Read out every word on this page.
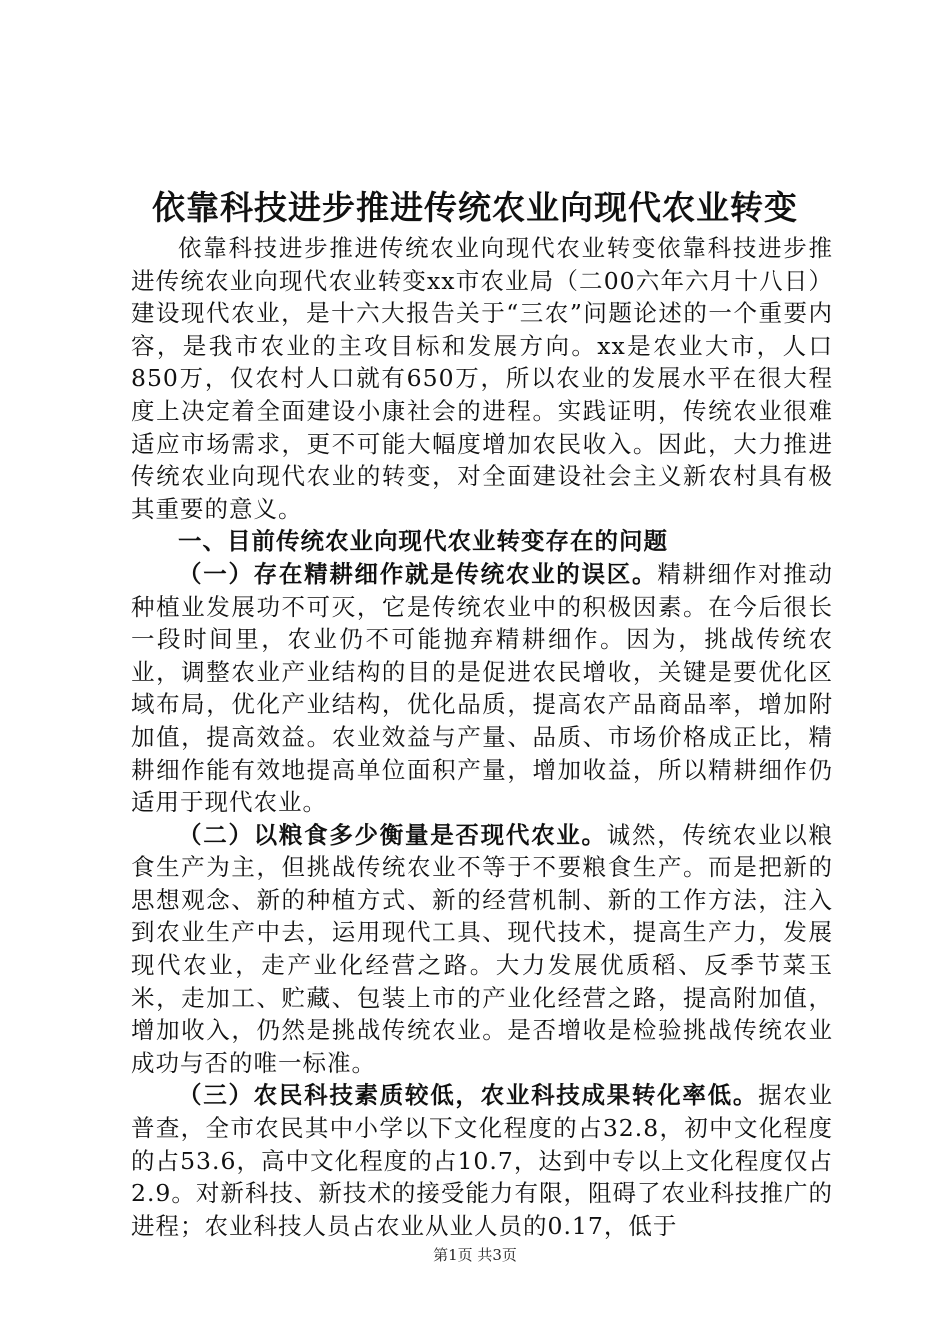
依靠科技进步推进传统农业向现代农业转变

依靠科技进步推进传统农业向现代农业转变依靠科技进步推进传统农业向现代农业转变xx市农业局（二00六年六月十八日）建设现代农业，是十六大报告关于“三农”问题论述的一个重要内容，是我市农业的主攻目标和发展方向。xx是农业大市，人口850万，仅农村人口就有650万，所以农业的发展水平在很大程度上决定着全面建设小康社会的进程。实践证明，传统农业很难适应市场需求，更不可能大幅度增加农民收入。因此，大力推进传统农业向现代农业的转变，对全面建设社会主义新农村具有极其重要的意义。

一、目前传统农业向现代农业转变存在的问题

（一）存在精耕细作就是传统农业的误区。精耕细作对推动种植业发展功不可灭，它是传统农业中的积极因素。在今后很长一段时间里，农业仍不可能抛弃精耕细作。因为，挑战传统农业，调整农业产业结构的目的是促进农民增收，关键是要优化区域布局，优化产业结构，优化品质，提高农产品商品率，增加附加值，提高效益。农业效益与产量、品质、市场价格成正比，精耕细作能有效地提高单位面积产量，增加收益，所以精耕细作仍适用于现代农业。

（二）以粮食多少衡量是否现代农业。诚然，传统农业以粮食生产为主，但挑战传统农业不等于不要粮食生产。而是把新的思想观念、新的种植方式、新的经营机制、新的工作方法，注入到农业生产中去，运用现代工具、现代技术，提高生产力，发展现代农业，走产业化经营之路。大力发展优质稻、反季节菜玉米，走加工、贮藏、包装上市的产业化经营之路，提高附加值，增加收入，仍然是挑战传统农业。是否增收是检验挑战传统农业成功与否的唯一标准。

（三）农民科技素质较低，农业科技成果转化率低。据农业普查，全市农民其中小学以下文化程度的占32.8，初中文化程度的占53.6，高中文化程度的占10.7，达到中专以上文化程度仅占2.9。对新科技、新技术的接受能力有限，阻碍了农业科技推广的进程；农业科技人员占农业从业人员的0.17，低于

第1页 共3页
